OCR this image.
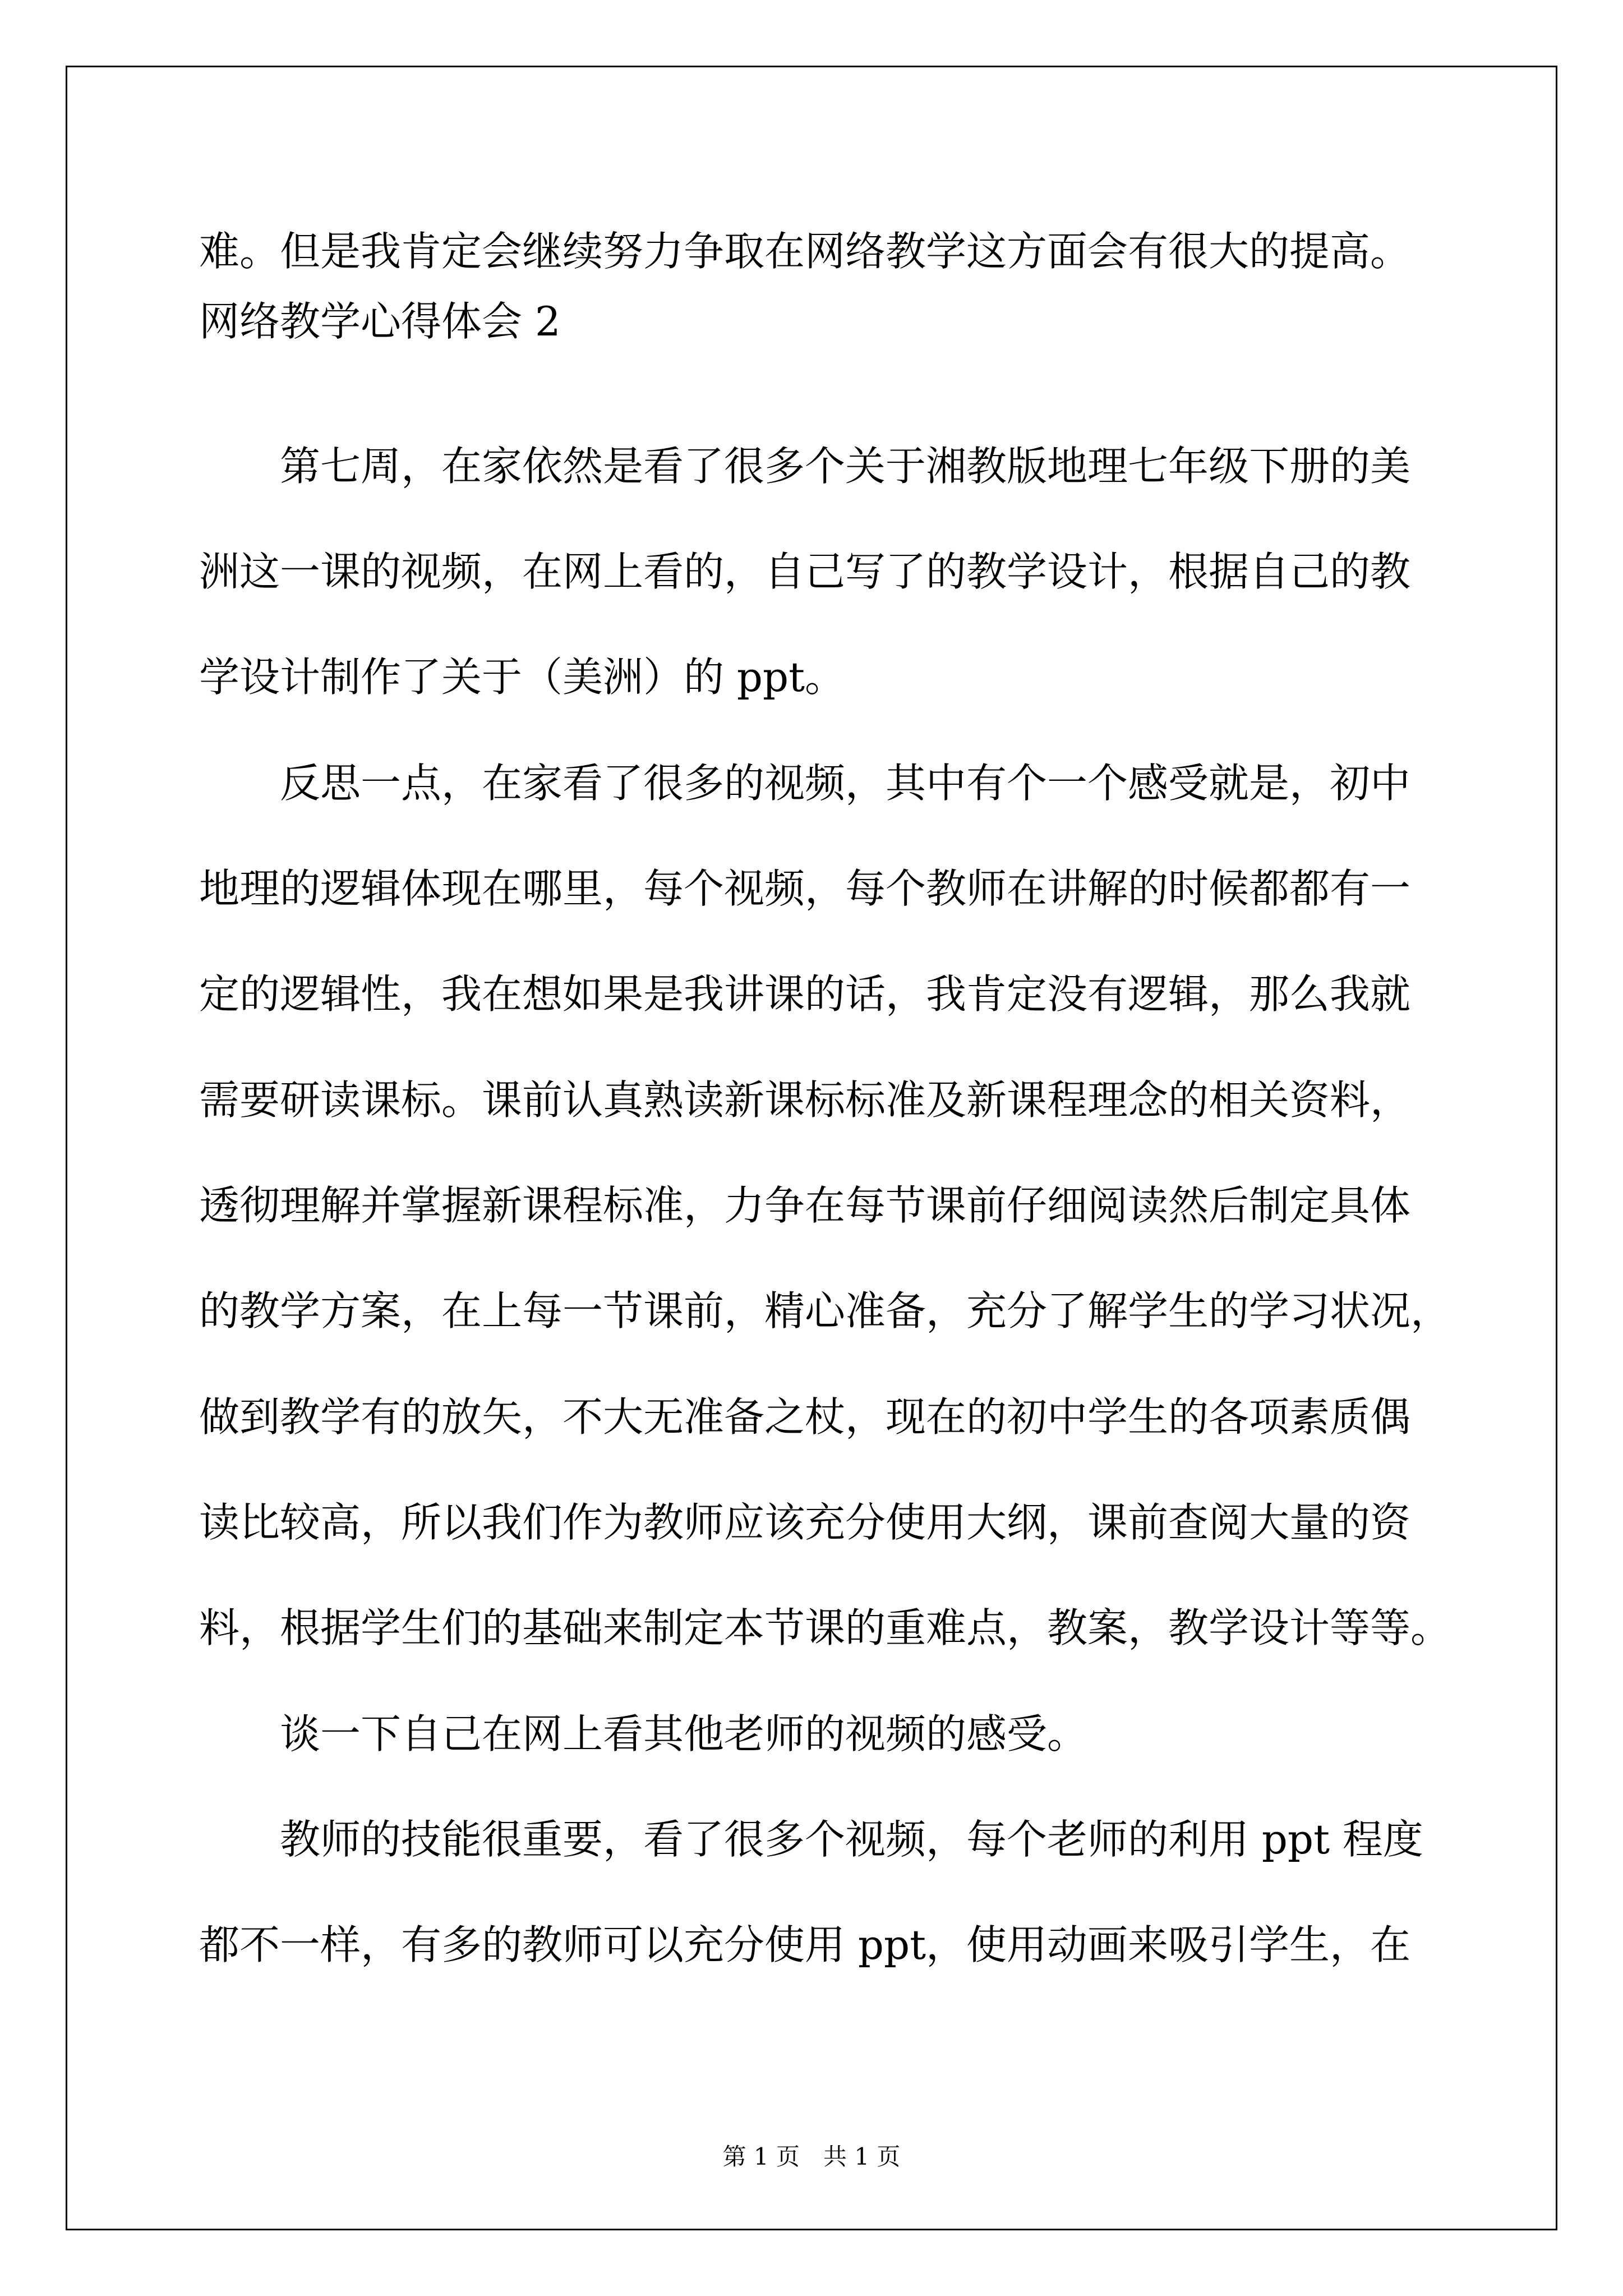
难。但是我肯定会继续努力争取在网络教学这方面会有很大的提高。

网络教学心得体会 2

　　第七周，在家依然是看了很多个关于湘教版地理七年级下册的美

洲这一课的视频，在网上看的，自己写了的教学设计，根据自己的教

学设计制作了关于（美洲）的 ppt。

　　反思一点，在家看了很多的视频，其中有个一个感受就是，初中

地理的逻辑体现在哪里，每个视频，每个教师在讲解的时候都都有一

定的逻辑性，我在想如果是我讲课的话，我肯定没有逻辑，那么我就

需要研读课标。课前认真熟读新课标标准及新课程理念的相关资料，

透彻理解并掌握新课程标准，力争在每节课前仔细阅读然后制定具体

的教学方案，在上每一节课前，精心准备，充分了解学生的学习状况，

做到教学有的放矢，不大无准备之杖，现在的初中学生的各项素质偶

读比较高，所以我们作为教师应该充分使用大纲，课前查阅大量的资

料，根据学生们的基础来制定本节课的重难点，教案，教学设计等等。

　　谈一下自己在网上看其他老师的视频的感受。

　　教师的技能很重要，看了很多个视频，每个老师的利用 ppt 程度

都不一样，有多的教师可以充分使用 ppt，使用动画来吸引学生，在

第 1 页　共 1 页
